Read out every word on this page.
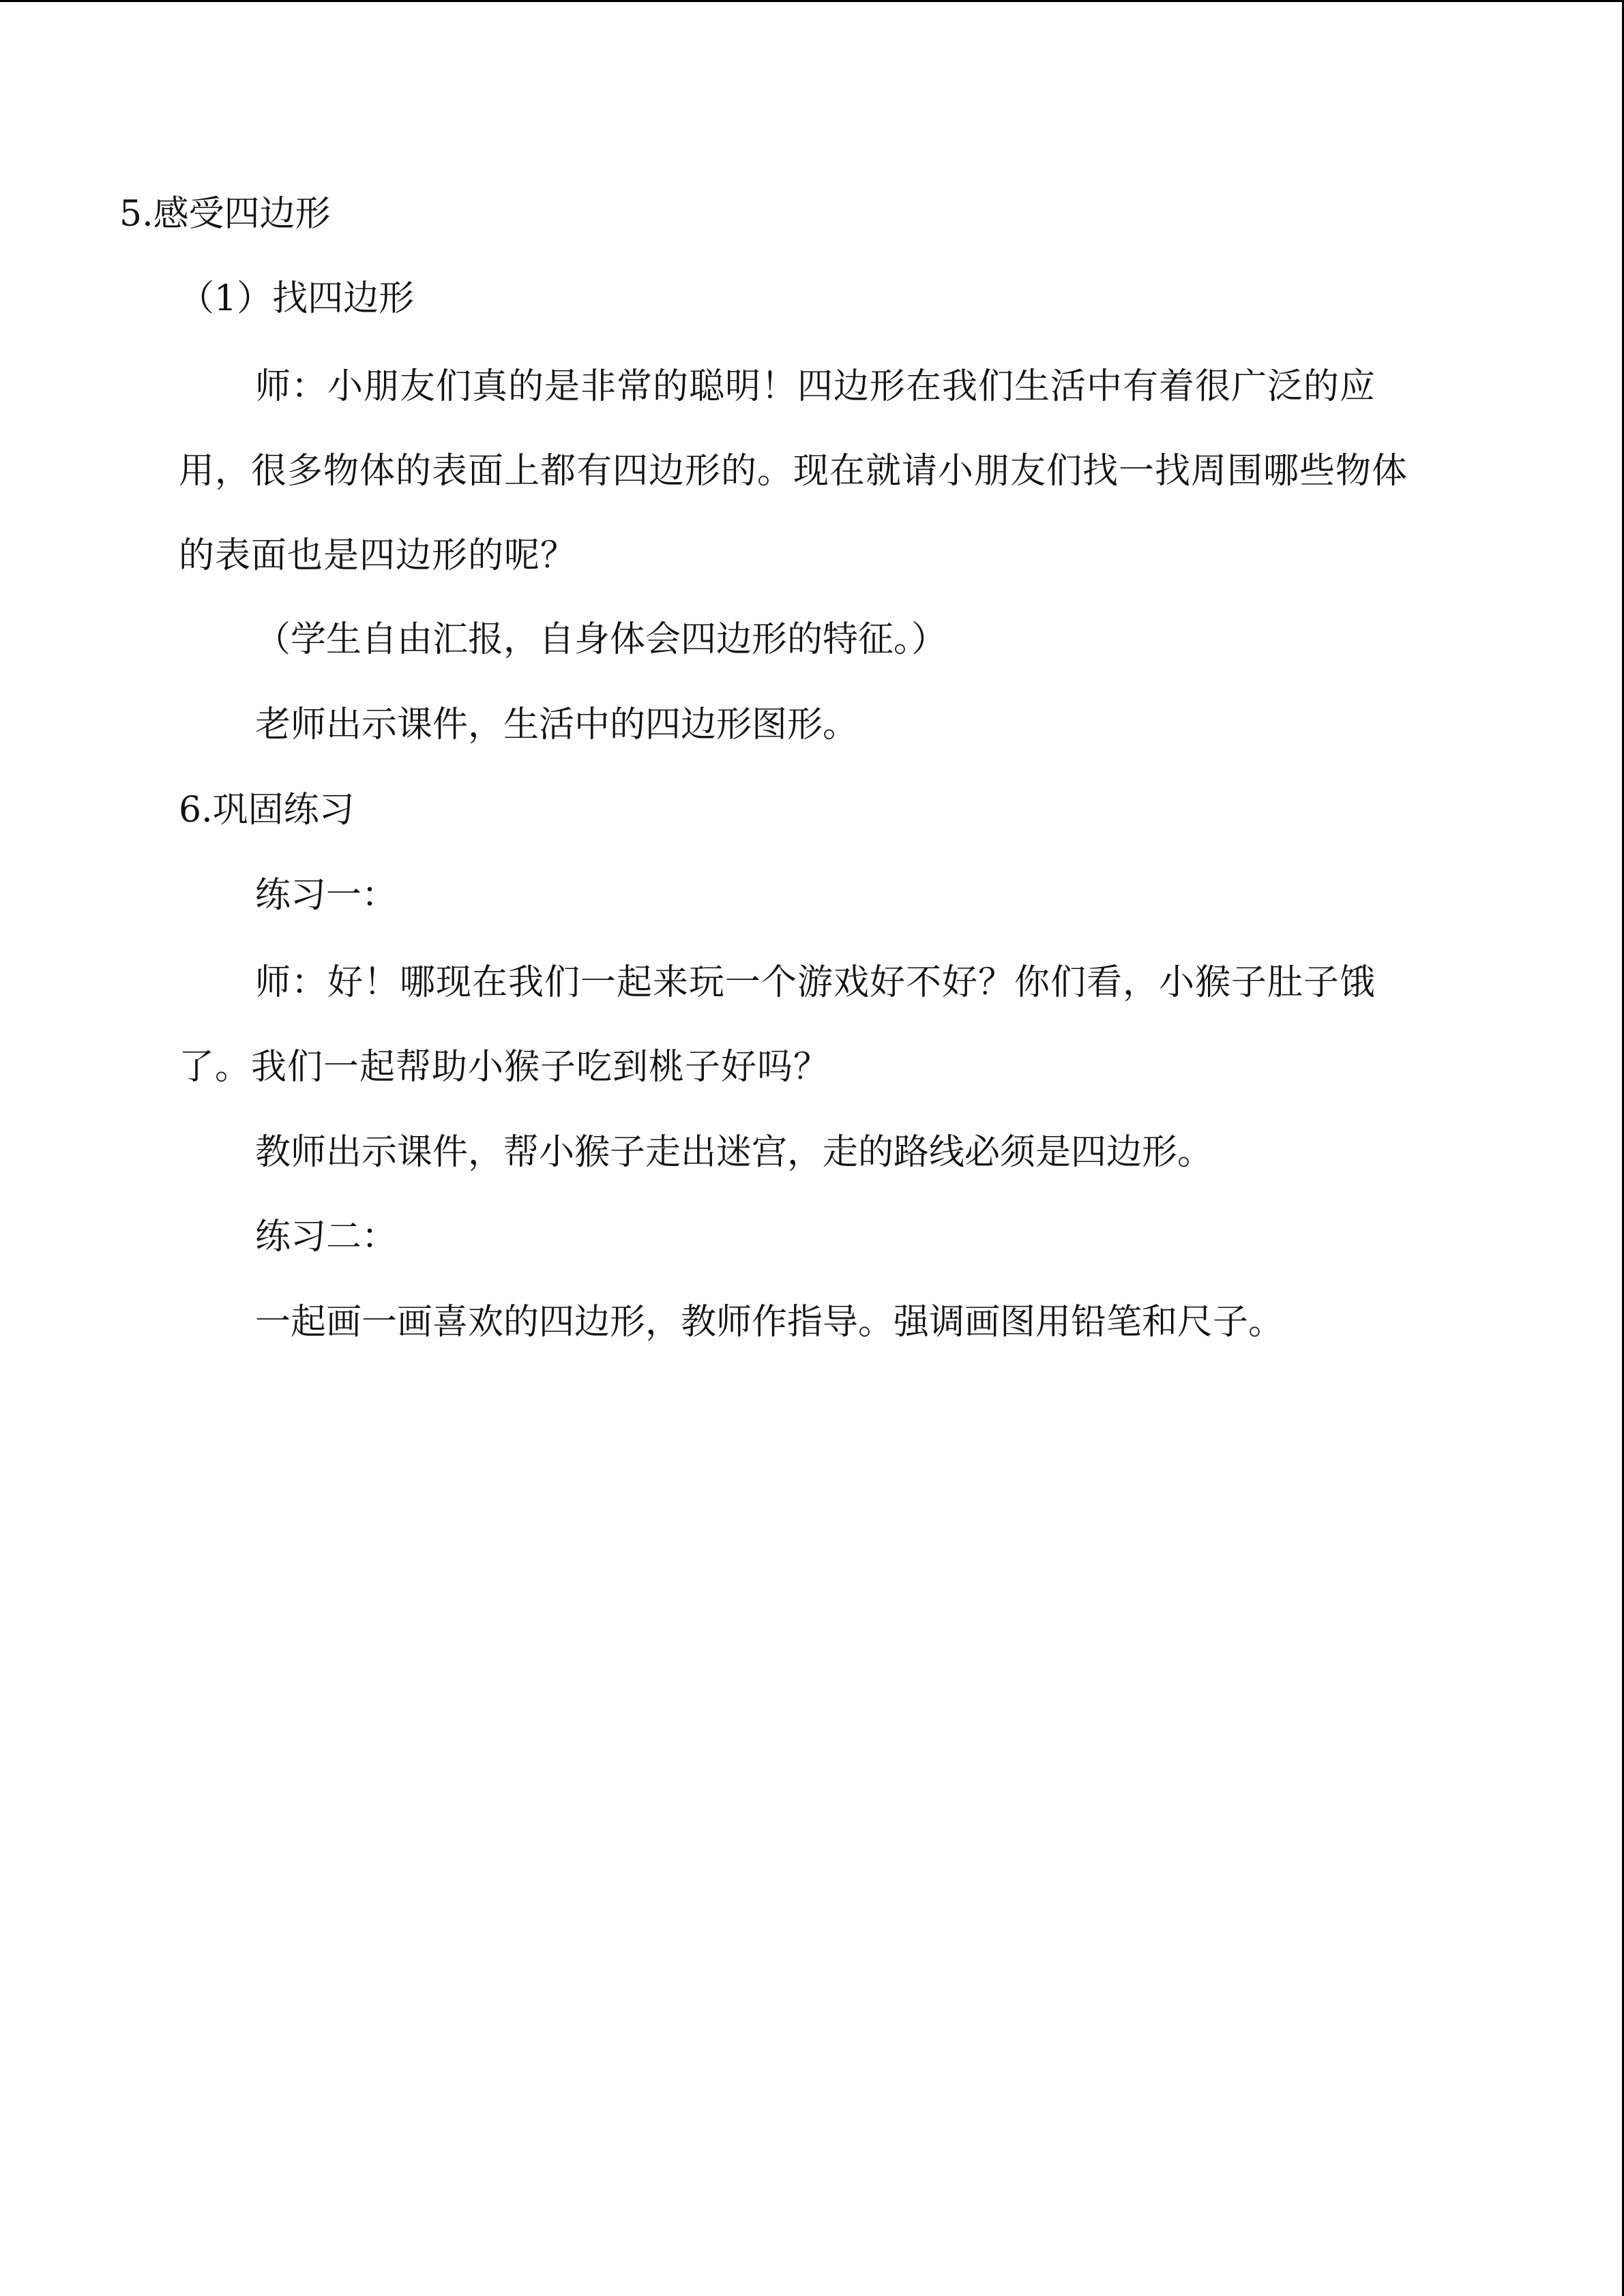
5.感受四边形
（1）找四边形
师：小朋友们真的是非常的聪明！四边形在我们生活中有着很广泛的应用，很多物体的表面上都有四边形的。现在就请小朋友们找一找周围哪些物体的表面也是四边形的呢？
（学生自由汇报，自身体会四边形的特征。）
老师出示课件，生活中的四边形图形。
6.巩固练习
练习一：
师：好！哪现在我们一起来玩一个游戏好不好？你们看，小猴子肚子饿了。我们一起帮助小猴子吃到桃子好吗？
教师出示课件，帮小猴子走出迷宫，走的路线必须是四边形。
练习二：
一起画一画喜欢的四边形，教师作指导。强调画图用铅笔和尺子。
